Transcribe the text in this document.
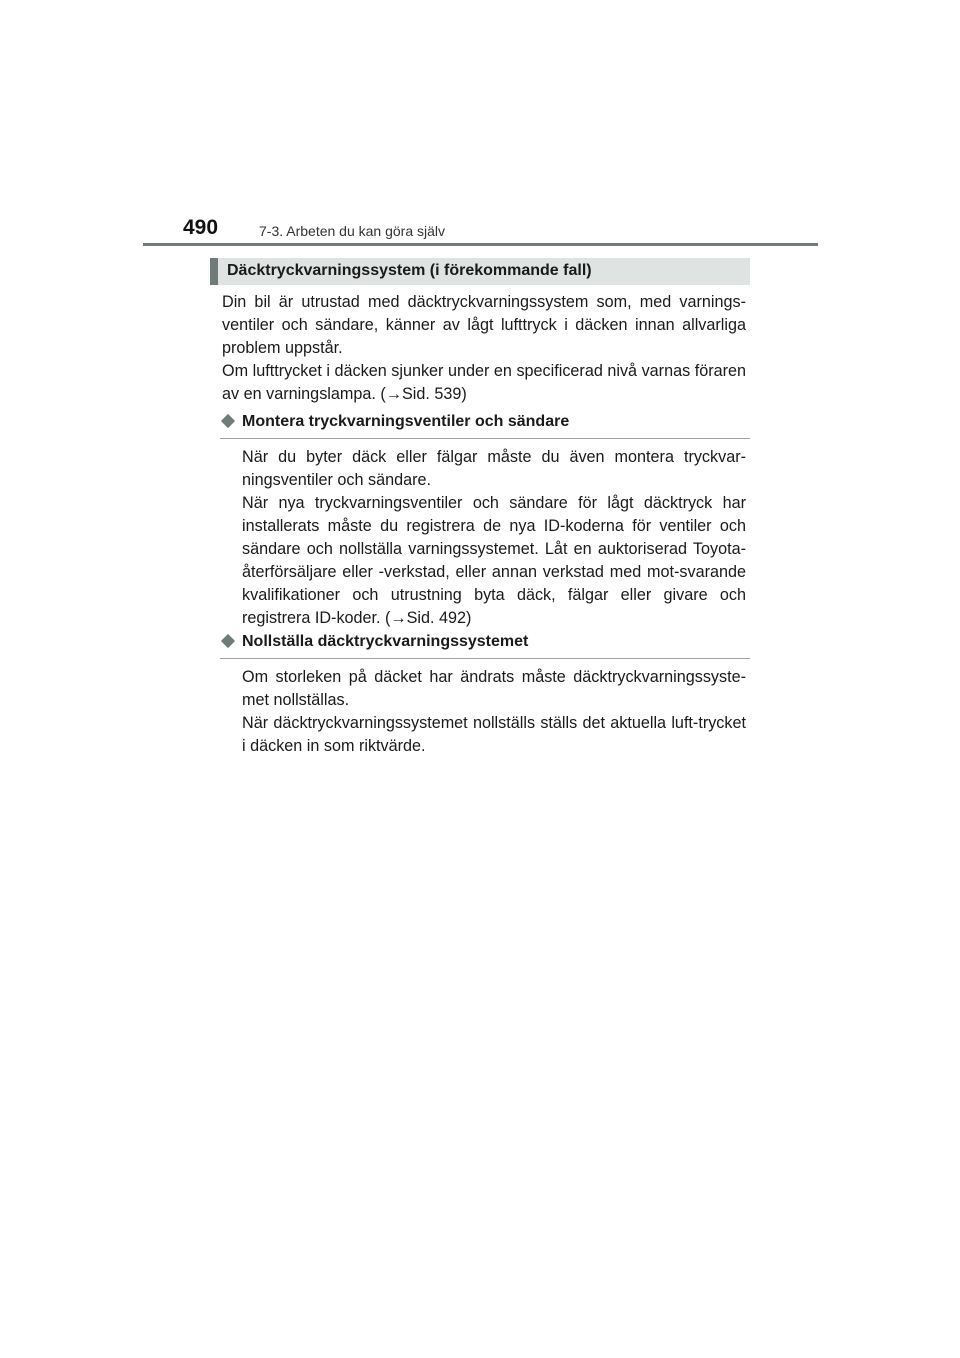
490	7-3. Arbeten du kan göra själv
Däcktryckvarningssystem (i förekommande fall)

Din bil är utrustad med däcktryckvarningssystem som, med varnings-ventiler och sändare, känner av lågt lufttryck i däcken innan allvarliga problem uppstår.

Om lufttrycket i däcken sjunker under en specificerad nivå varnas föraren av en varningslampa. (→Sid. 539)

Montera tryckvarningsventiler och sändare

När du byter däck eller fälgar måste du även montera tryckvar-ningsventiler och sändare.

När nya tryckvarningsventiler och sändare för lågt däcktryck har installerats måste du registrera de nya ID-koderna för ventiler och sändare och nollställa varningssystemet. Låt en auktoriserad Toyota-återförsäljare eller -verkstad, eller annan verkstad med mot-svarande kvalifikationer och utrustning byta däck, fälgar eller givare och registrera ID-koder. (→Sid. 492)

Nollställa däcktryckvarningssystemet

Om storleken på däcket har ändrats måste däcktryckvarningssyste-met nollställas.

När däcktryckvarningssystemet nollställs ställs det aktuella luft-trycket i däcken in som riktvärde.
